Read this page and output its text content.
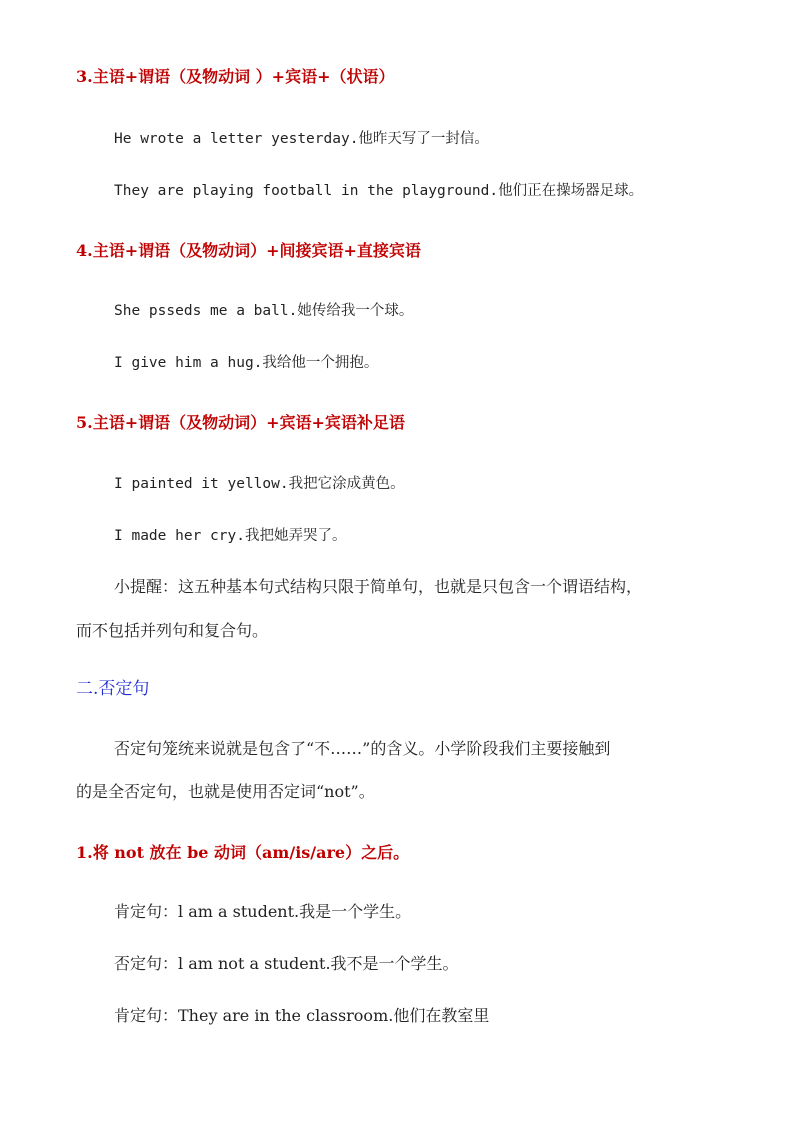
3.主语+谓语（及物动词 ）+宾语+（状语）
He wrote a letter yesterday.他昨天写了一封信。
They are playing football in the playground.他们正在操场器足球。
4.主语+谓语（及物动词）+间接宾语+直接宾语
She psseds me a ball.她传给我一个球。
I give him a hug.我给他一个拥抱。
5.主语+谓语（及物动词）+宾语+宾语补足语
I painted it yellow.我把它涂成黄色。
I made her cry.我把她弄哭了。
小提醒：这五种基本句式结构只限于简单句，也就是只包含一个谓语结构，
而不包括并列句和复合句。
二.否定句
否定句笼统来说就是包含了“不……”的含义。小学阶段我们主要接触到
的是全否定句，也就是使用否定词“not”。
1.将 not 放在 be 动词（am/is/are）之后。
肯定句：l am a student.我是一个学生。
否定句：l am not a student.我不是一个学生。
肯定句：They are in the classroom.他们在教室里
